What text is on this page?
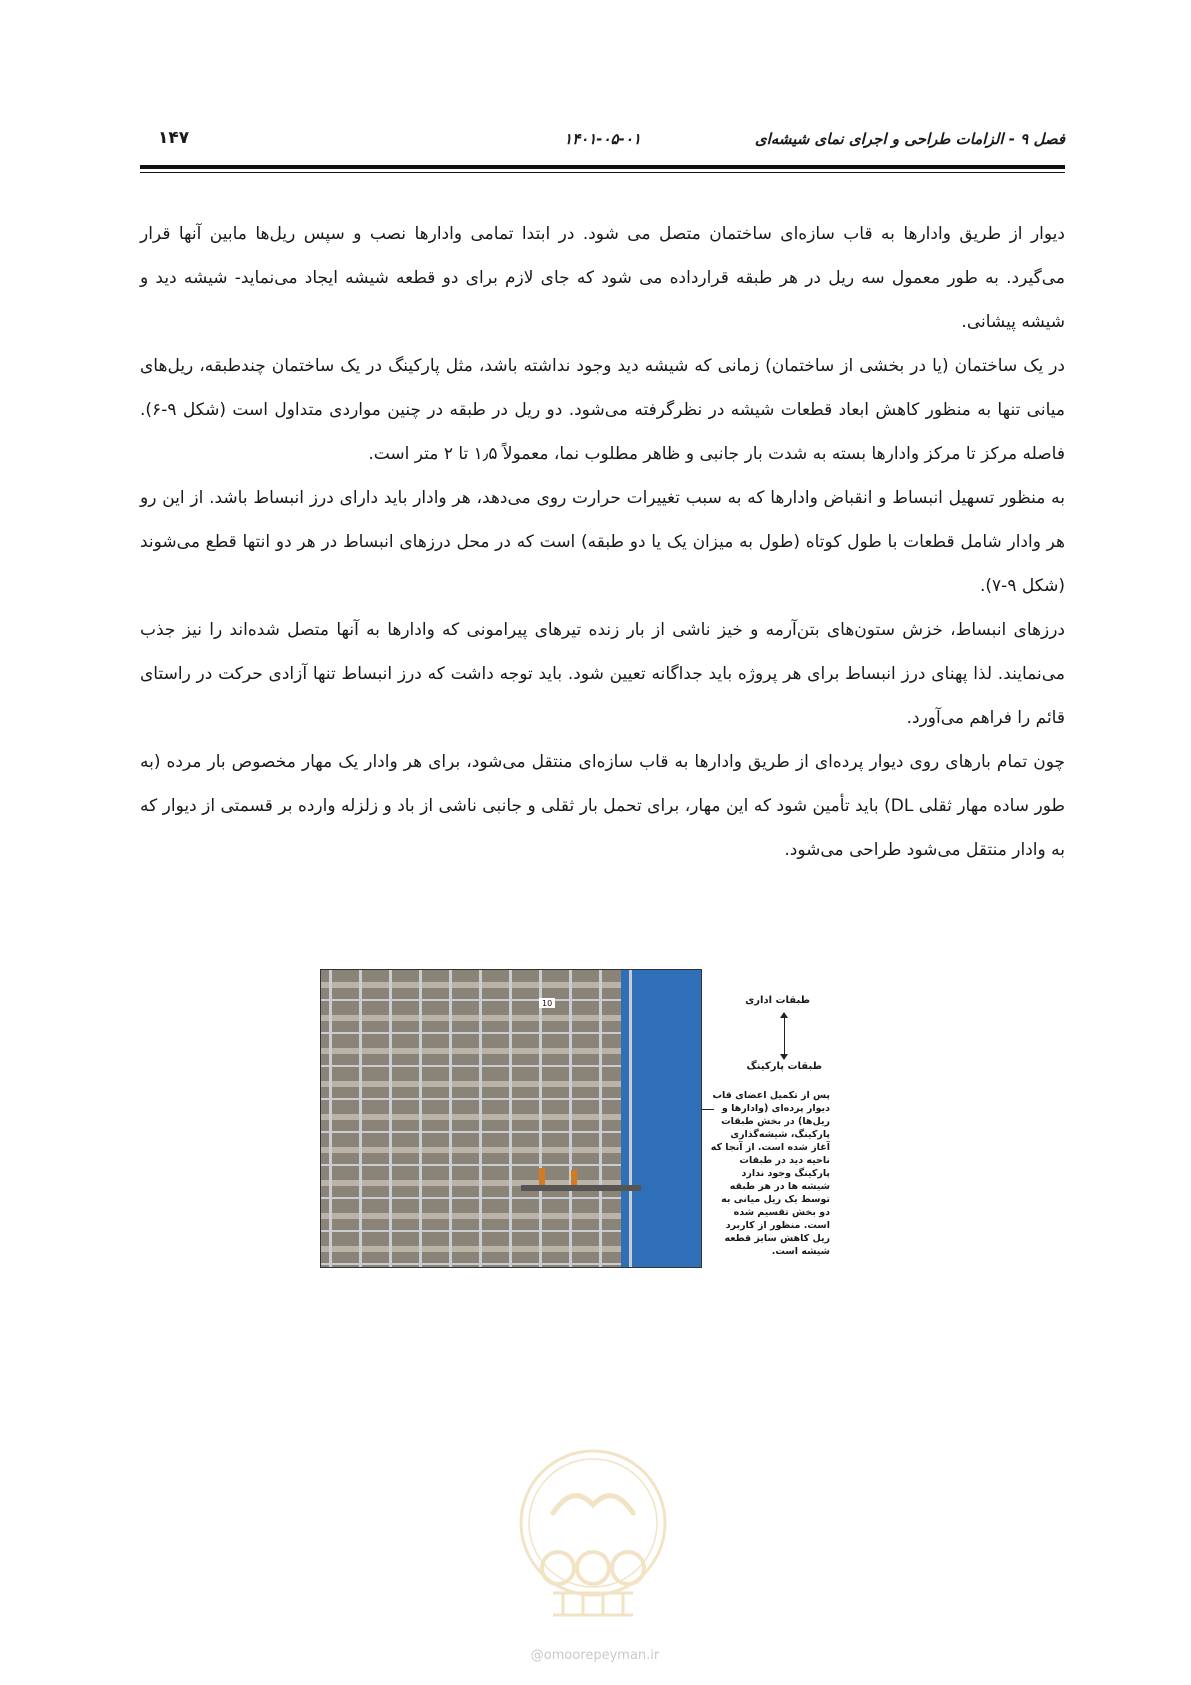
فصل ۹ - الزامات طراحی و اجرای نمای شیشه‌ای
۱۴۰۱-۰۵-۰۱
۱۴۷

دیوار از طریق وادارها به قاب سازه‌ای ساختمان متصل می شود. در ابتدا تمامی وادارها نصب و سپس ریل‌ها مابین آنها قرار می‌گیرد. به طور معمول سه ریل در هر طبقه قرارداده می شود که جای لازم برای دو قطعه شیشه ایجاد می‌نماید- شیشه دید و شیشه پیشانی.

در یک ساختمان (یا در بخشی از ساختمان) زمانی که شیشه دید وجود نداشته باشد، مثل پارکینگ در یک ساختمان چندطبقه، ریل‌های میانی تنها به منظور کاهش ابعاد قطعات شیشه در نظرگرفته می‌شود. دو ریل در طبقه در چنین مواردی متداول است (شکل ۹-۶). فاصله مرکز تا مرکز وادارها بسته به شدت بار جانبی و ظاهر مطلوب نما، معمولاً ۱٫۵ تا ۲ متر است.

به منظور تسهیل انبساط و انقباض وادارها که به سبب تغییرات حرارت روی می‌دهد، هر وادار باید دارای درز انبساط باشد. از این رو هر وادار شامل قطعات با طول کوتاه (طول به میزان یک یا دو طبقه) است که در محل درزهای انبساط در هر دو انتها قطع می‌شوند (شکل ۹-۷).

درزهای انبساط، خزش ستون‌های بتن‌آرمه و خیز ناشی از بار زنده تیرهای پیرامونی که وادارها به آنها متصل شده‌اند را نیز جذب می‌نمایند. لذا پهنای درز انبساط برای هر پروژه باید جداگانه تعیین شود. باید توجه داشت که درز انبساط تنها آزادی حرکت در راستای قائم را فراهم می‌آورد.

چون تمام بارهای روی دیوار پرده‌ای از طریق وادارها به قاب سازه‌ای منتقل می‌شود، برای هر وادار یک مهار مخصوص بار مرده (به طور ساده مهار ثقلی DL) باید تأمین شود که این مهار، برای تحمل بار ثقلی و جانبی ناشی از باد و زلزله وارده بر قسمتی از دیوار که به وادار منتقل می‌شود طراحی می‌شود.

10	طبقات اداری
طبقات پارکینگ
پس از تکمیل اعضای قاب دیوار پرده‌ای (وادارها و ریل‌ها) در بخش طبقات پارکینگ، شیشه‌گذاری آغاز شده است. از آنجا که ناحیه دید در طبقات پارکینگ وجود ندارد شیشه ها در هر طبقه توسط یک ریل میانی به دو بخش تقسیم شده است. منظور از کاربرد ریل کاهش سایز قطعه شیشه است.
@omoorepeyman.ir
